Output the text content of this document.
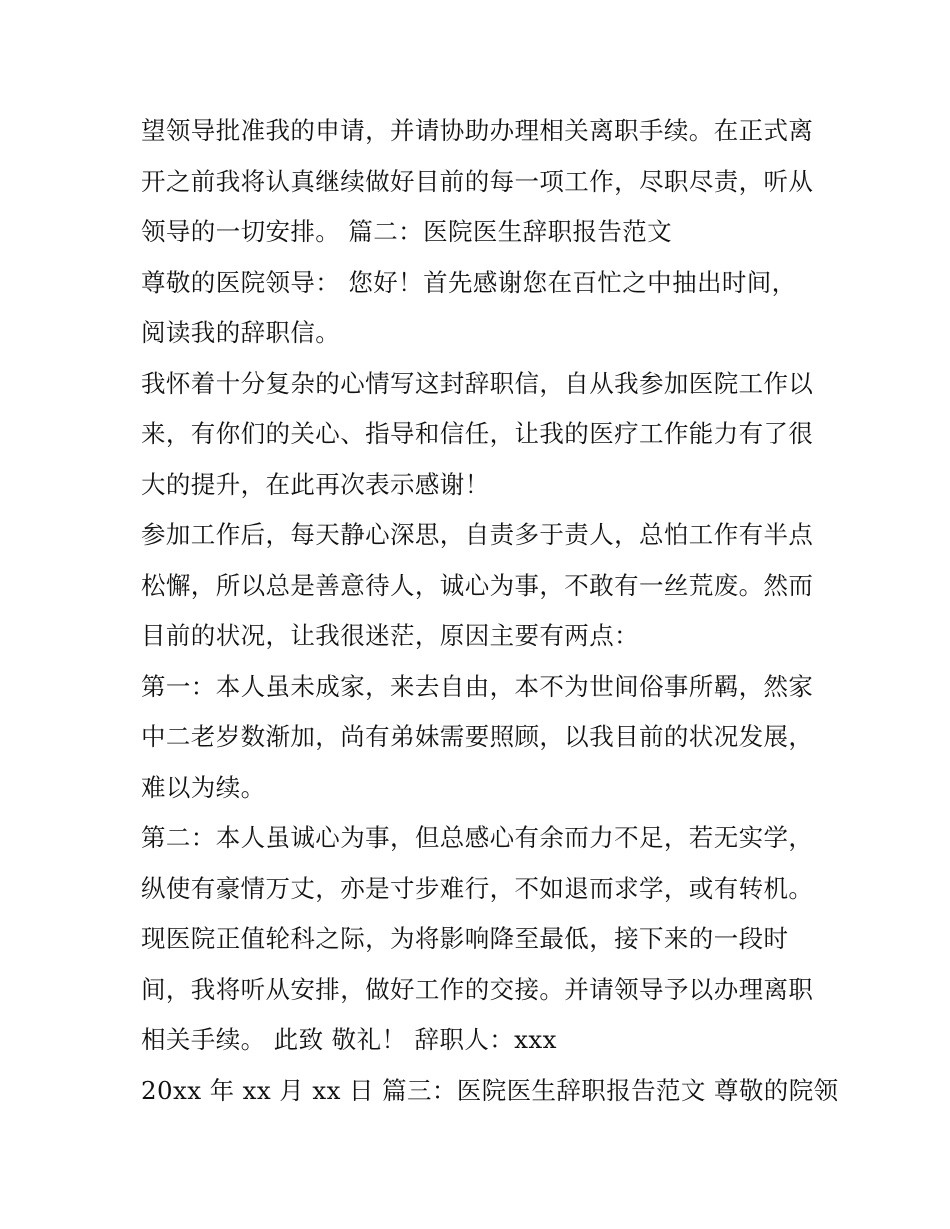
望领导批准我的申请，并请协助办理相关离职手续。在正式离
开之前我将认真继续做好目前的每一项工作，尽职尽责，听从
领导的一切安排。 篇二：医院医生辞职报告范文
尊敬的医院领导： 您好！首先感谢您在百忙之中抽出时间，
阅读我的辞职信。
我怀着十分复杂的心情写这封辞职信，自从我参加医院工作以
来，有你们的关心、指导和信任，让我的医疗工作能力有了很
大的提升，在此再次表示感谢！
参加工作后，每天静心深思，自责多于责人，总怕工作有半点
松懈，所以总是善意待人，诚心为事，不敢有一丝荒废。然而
目前的状况，让我很迷茫，原因主要有两点：
第一：本人虽未成家，来去自由，本不为世间俗事所羁，然家
中二老岁数渐加，尚有弟妹需要照顾，以我目前的状况发展，
难以为续。
第二：本人虽诚心为事，但总感心有余而力不足，若无实学，
纵使有豪情万丈，亦是寸步难行，不如退而求学，或有转机。
现医院正值轮科之际，为将影响降至最低，接下来的一段时
间，我将听从安排，做好工作的交接。并请领导予以办理离职
相关手续。 此致 敬礼！ 辞职人：xxx
20xx 年 xx 月 xx 日 篇三：医院医生辞职报告范文 尊敬的院领
